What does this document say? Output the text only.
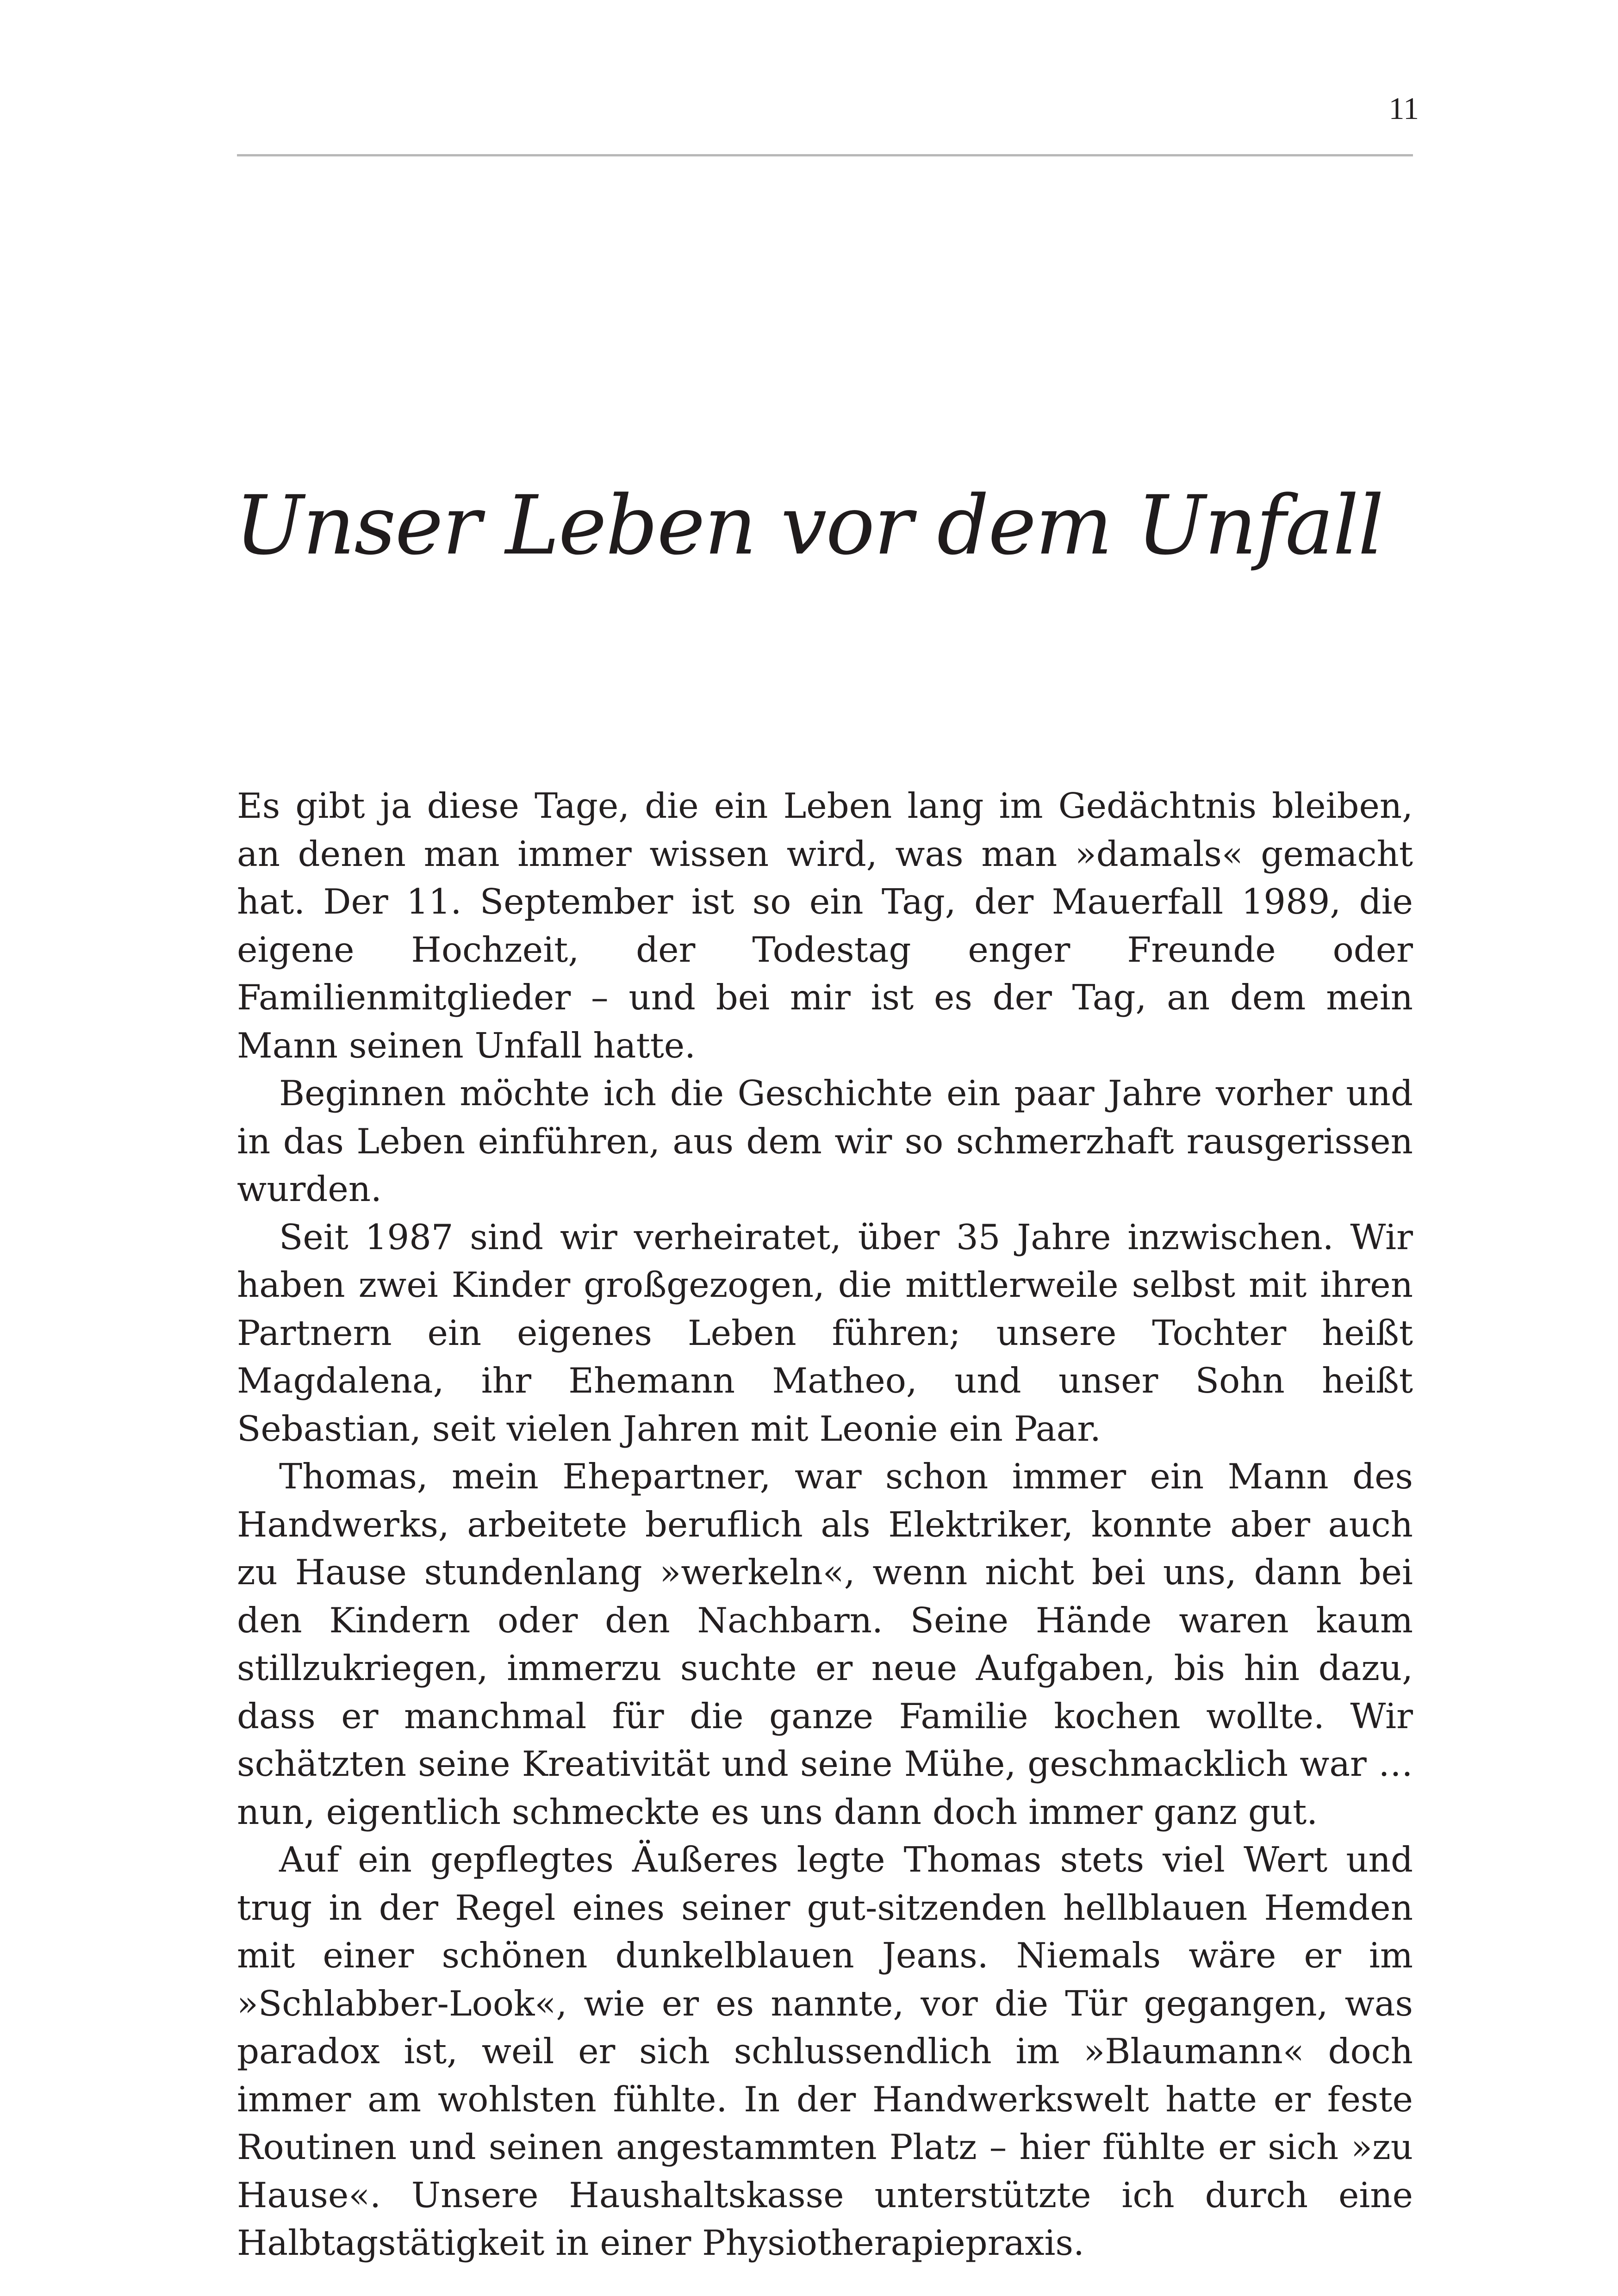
11
Unser Leben vor dem Unfall

Es gibt ja diese Tage, die ein Leben lang im Gedächtnis bleiben, an denen man immer wissen wird, was man »damals« gemacht hat. Der 11. September ist so ein Tag, der Mauerfall 1989, die eigene Hochzeit, der Todestag enger Freunde oder Familienmitglieder – und bei mir ist es der Tag, an dem mein Mann seinen Unfall hatte.

Beginnen möchte ich die Geschichte ein paar Jahre vorher und in das Leben einführen, aus dem wir so schmerzhaft rausgerissen wurden.

Seit 1987 sind wir verheiratet, über 35 Jahre inzwischen. Wir haben zwei Kinder großgezogen, die mittlerweile selbst mit ihren Partnern ein eigenes Leben führen; unsere Tochter heißt Magdalena, ihr Ehemann Matheo, und unser Sohn heißt Sebastian, seit vielen Jahren mit Leonie ein Paar.

Thomas, mein Ehepartner, war schon immer ein Mann des Handwerks, arbeitete beruflich als Elektriker, konnte aber auch zu Hause stundenlang »werkeln«, wenn nicht bei uns, dann bei den Kindern oder den Nachbarn. Seine Hände waren kaum stillzukriegen, immerzu suchte er neue Aufgaben, bis hin dazu, dass er manchmal für die ganze Familie kochen wollte. Wir schätzten seine Kreativität und seine Mühe, geschmacklich war … nun, eigentlich schmeckte es uns dann doch immer ganz gut.

Auf ein gepflegtes Äußeres legte Thomas stets viel Wert und trug in der Regel eines seiner gut-sitzenden hellblauen Hemden mit einer schönen dunkelblauen Jeans. Niemals wäre er im »Schlabber-Look«, wie er es nannte, vor die Tür gegangen, was paradox ist, weil er sich schlussendlich im »Blaumann« doch immer am wohlsten fühlte. In der Handwerkswelt hatte er feste Routinen und seinen angestammten Platz – hier fühlte er sich »zu Hause«. Unsere Haushaltskasse unterstützte ich durch eine Halbtagstätigkeit in einer Physiotherapiepraxis.
